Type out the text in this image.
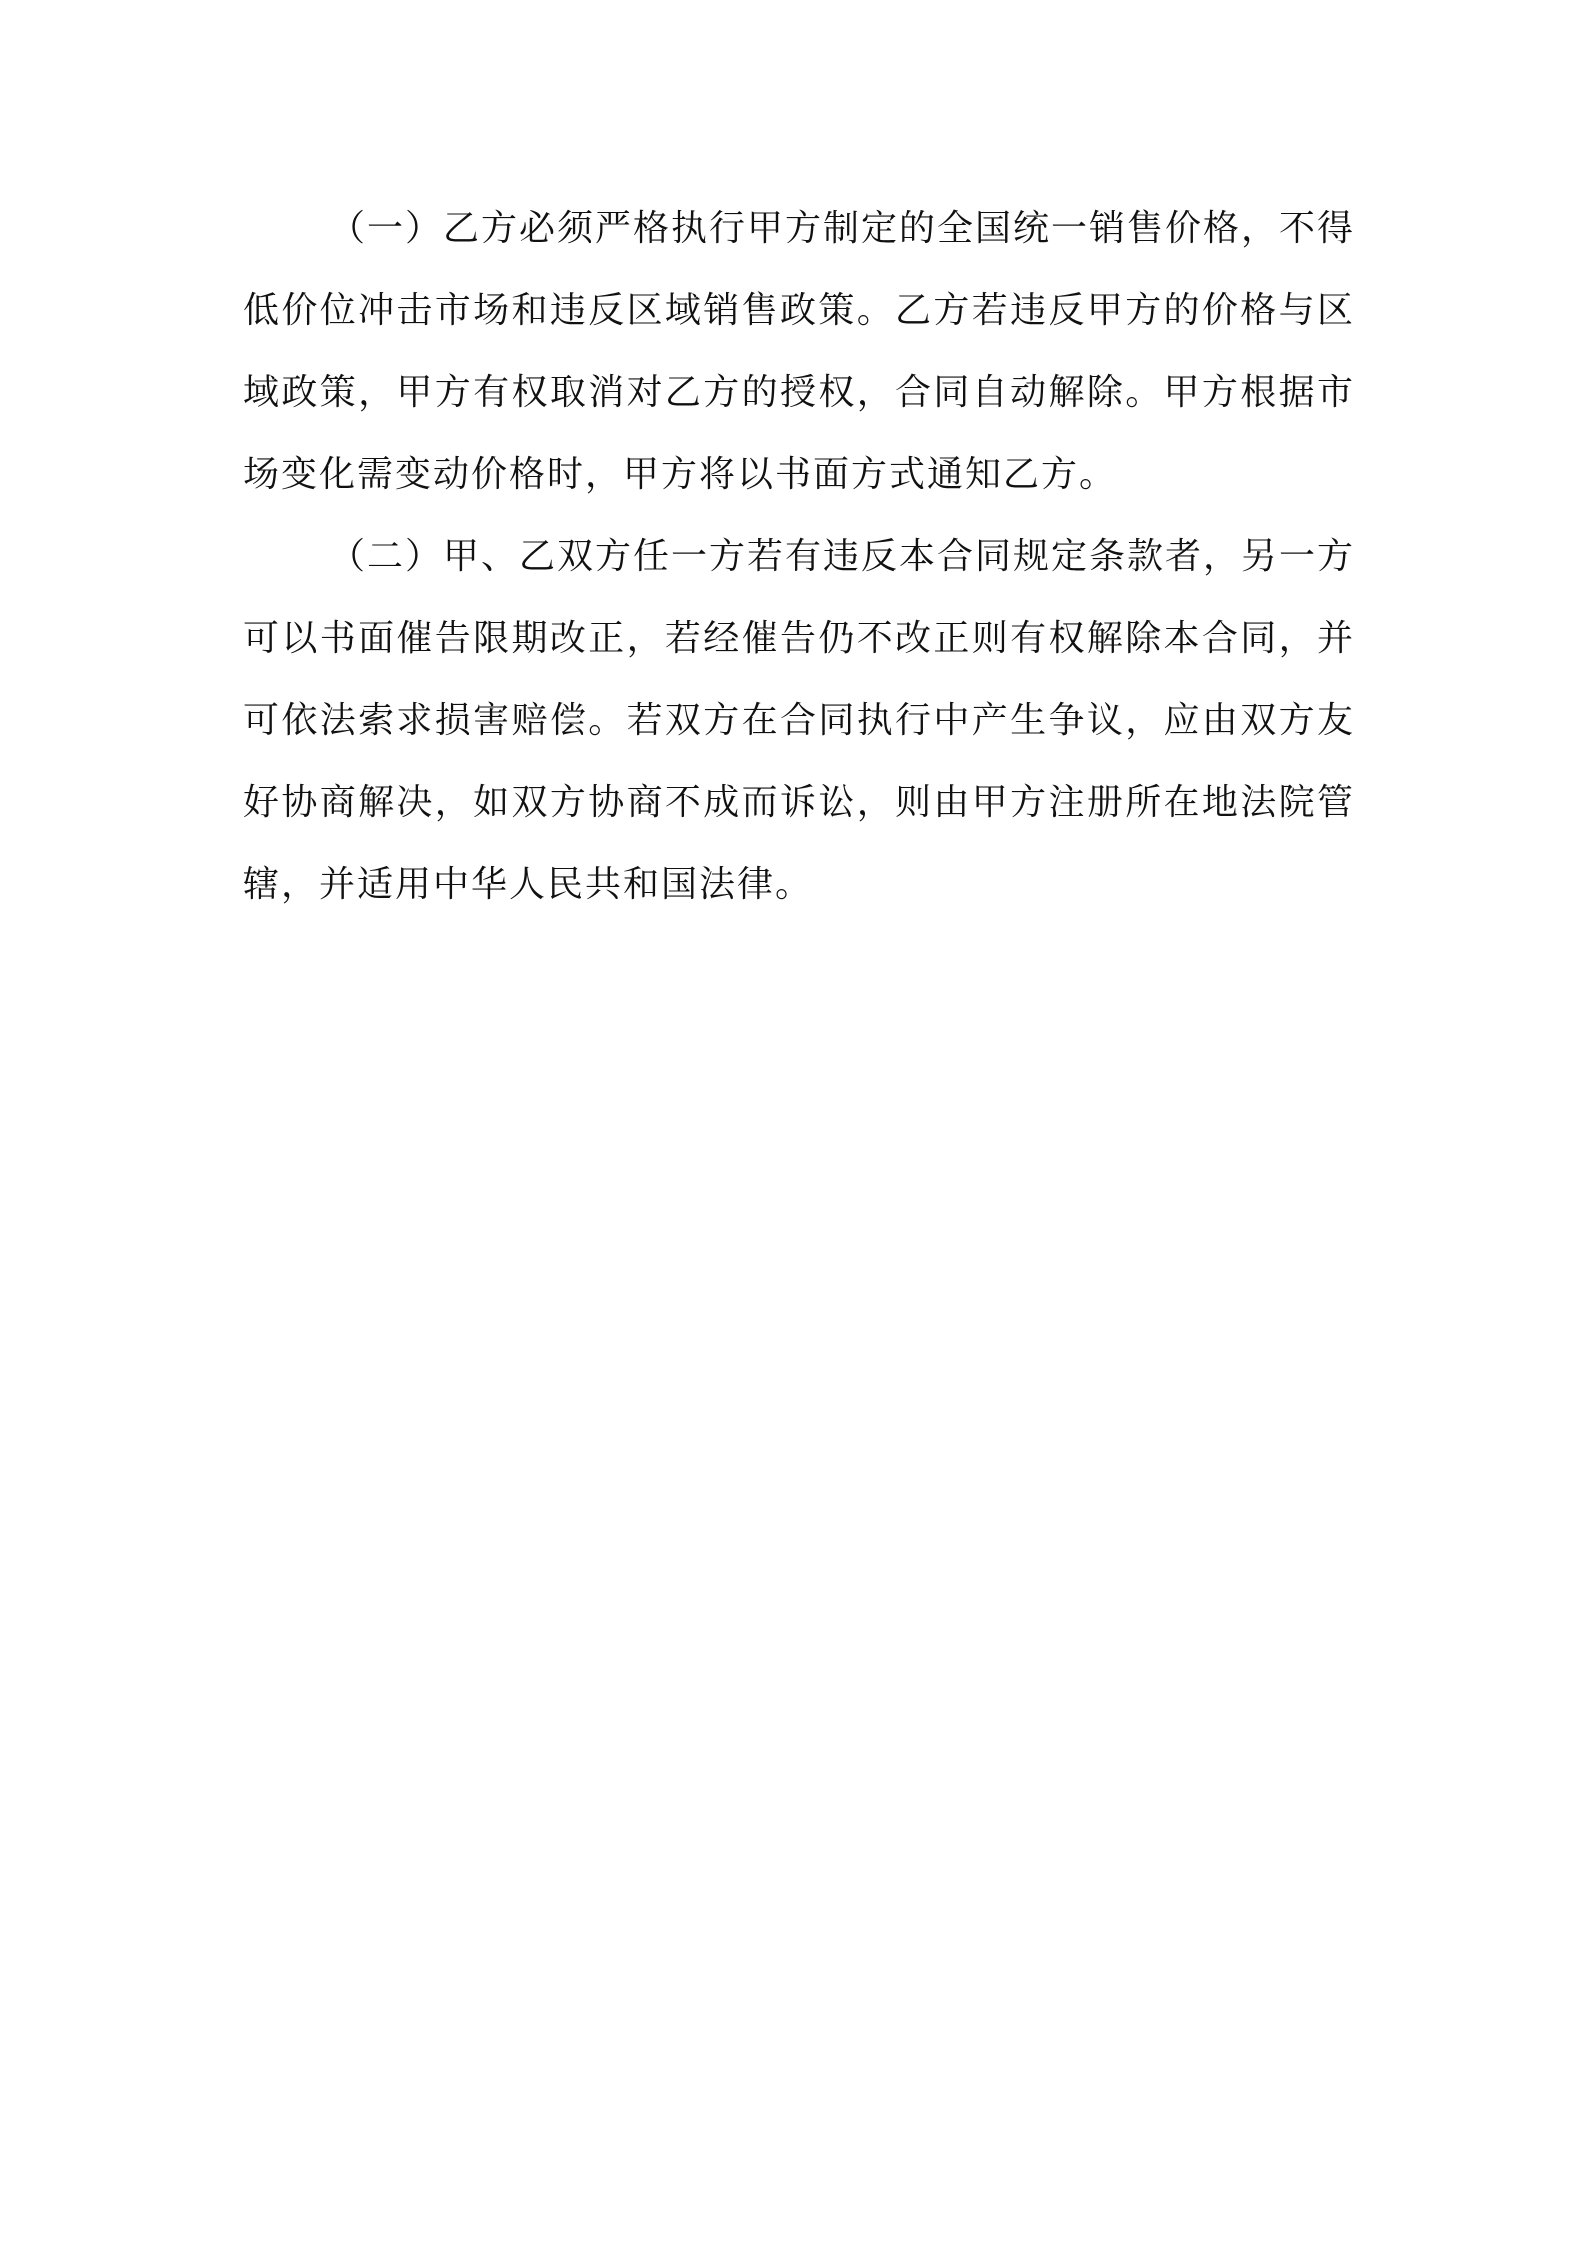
（一）乙方必须严格执行甲方制定的全国统一销售价格，不得低价位冲击市场和违反区域销售政策。乙方若违反甲方的价格与区域政策，甲方有权取消对乙方的授权，合同自动解除。甲方根据市场变化需变动价格时，甲方将以书面方式通知乙方。

（二）甲、乙双方任一方若有违反本合同规定条款者，另一方可以书面催告限期改正，若经催告仍不改正则有权解除本合同，并可依法索求损害赔偿。若双方在合同执行中产生争议，应由双方友好协商解决，如双方协商不成而诉讼，则由甲方注册所在地法院管辖，并适用中华人民共和国法律。
